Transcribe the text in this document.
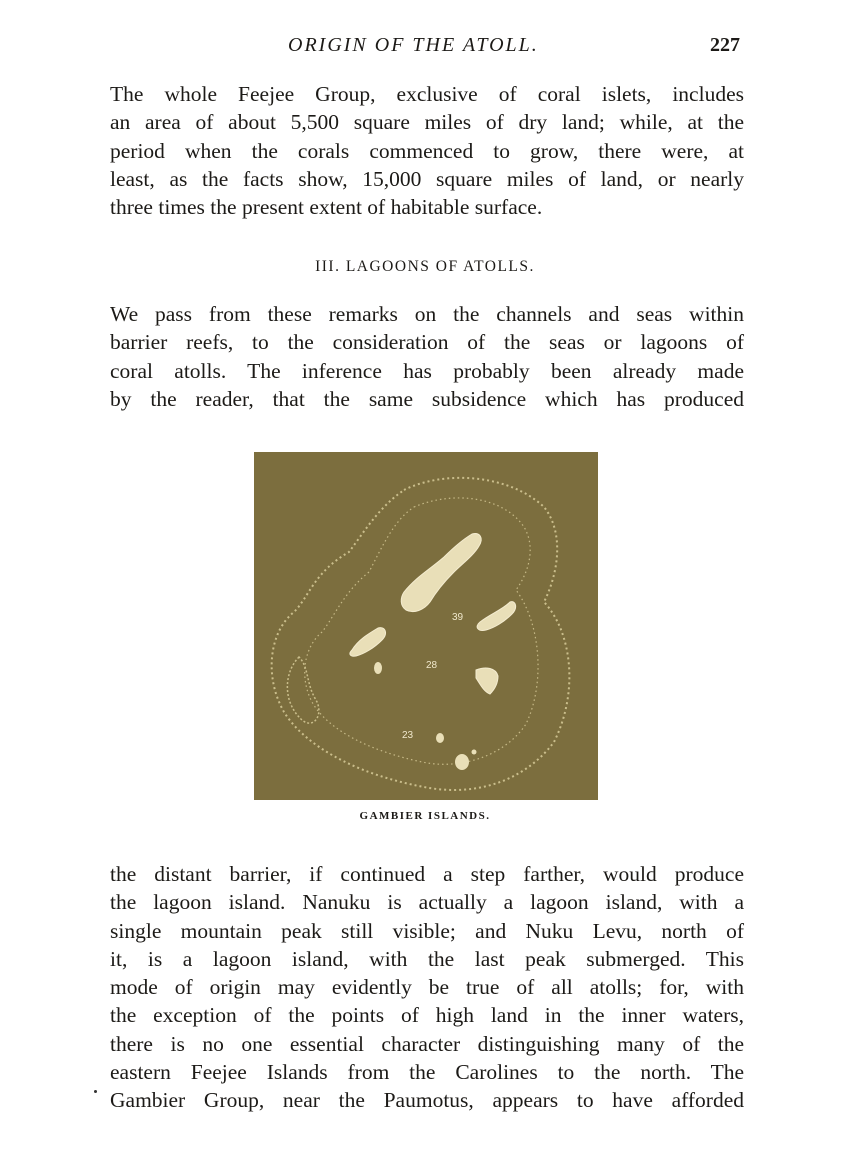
ORIGIN OF THE ATOLL.	227
The whole Feejee Group, exclusive of coral islets, includes
an area of about 5,500 square miles of dry land; while, at the
period when the corals commenced to grow, there were, at
least, as the facts show, 15,000 square miles of land, or nearly
three times the present extent of habitable surface.
III. LAGOONS OF ATOLLS.
We pass from these remarks on the channels and seas within
barrier reefs, to the consideration of the seas or lagoons of
coral atolls. The inference has probably been already made
by the reader, that the same subsidence which has produced
39
28
23
GAMBIER ISLANDS.
the distant barrier, if continued a step farther, would produce
the lagoon island. Nanuku is actually a lagoon island, with a
single mountain peak still visible; and Nuku Levu, north of
it, is a lagoon island, with the last peak submerged. This
mode of origin may evidently be true of all atolls; for, with
the exception of the points of high land in the inner waters,
there is no one essential character distinguishing many of the
eastern Feejee Islands from the Carolines to the north. The
Gambier Group, near the Paumotus, appears to have afforded
